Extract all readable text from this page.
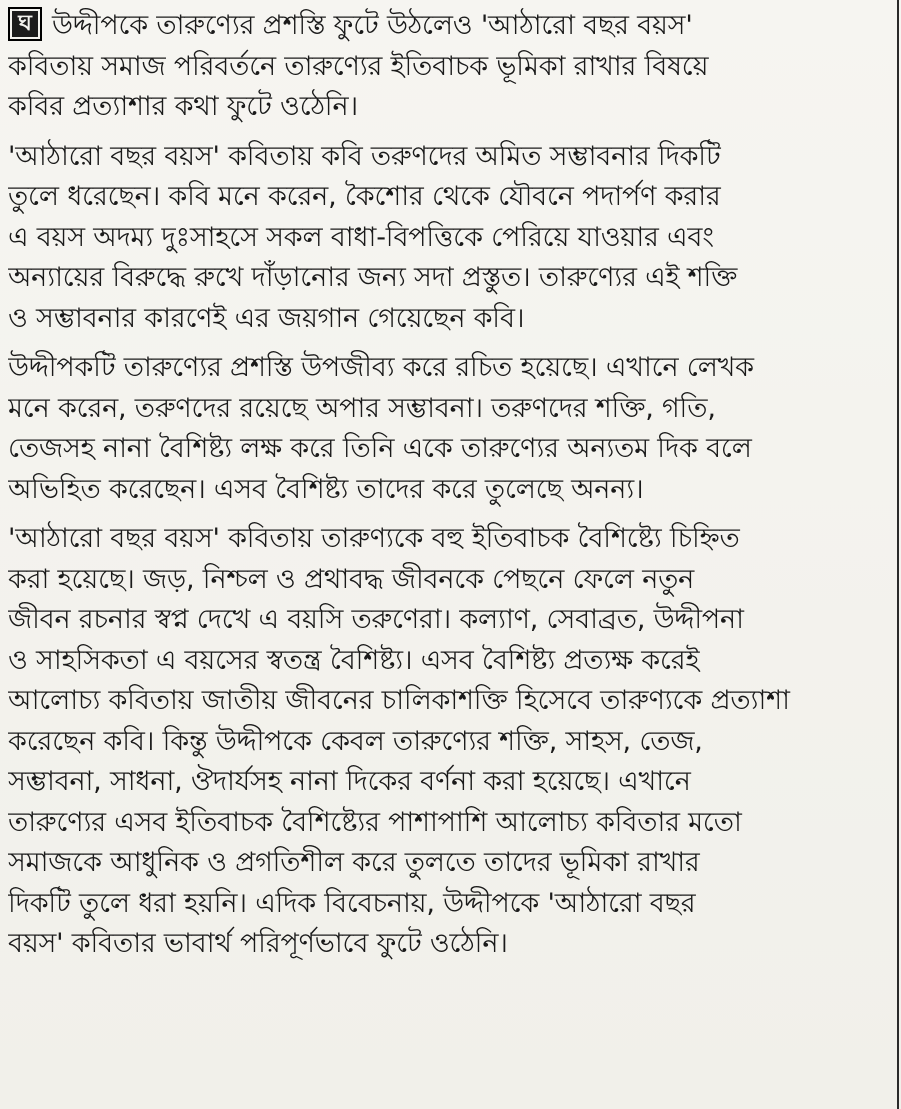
ঘ উদ্দীপকে তারুণ্যের প্রশস্তি ফুটে উঠলেও 'আঠারো বছর বয়স'
কবিতায় সমাজ পরিবর্তনে তারুণ্যের ইতিবাচক ভূমিকা রাখার বিষয়ে
কবির প্রত্যাশার কথা ফুটে ওঠেনি।
'আঠারো বছর বয়স' কবিতায় কবি তরুণদের অমিত সম্ভাবনার দিকটি
তুলে ধরেছেন। কবি মনে করেন, কৈশোর থেকে যৌবনে পদার্পণ করার
এ বয়স অদম্য দুঃসাহসে সকল বাধা-বিপত্তিকে পেরিয়ে যাওয়ার এবং
অন্যায়ের বিরুদ্ধে রুখে দাঁড়ানোর জন্য সদা প্রস্তুত। তারুণ্যের এই শক্তি
ও সম্ভাবনার কারণেই এর জয়গান গেয়েছেন কবি।
উদ্দীপকটি তারুণ্যের প্রশস্তি উপজীব্য করে রচিত হয়েছে। এখানে লেখক
মনে করেন, তরুণদের রয়েছে অপার সম্ভাবনা। তরুণদের শক্তি, গতি,
তেজসহ নানা বৈশিষ্ট্য লক্ষ করে তিনি একে তারুণ্যের অন্যতম দিক বলে
অভিহিত করেছেন। এসব বৈশিষ্ট্য তাদের করে তুলেছে অনন্য।
'আঠারো বছর বয়স' কবিতায় তারুণ্যকে বহু ইতিবাচক বৈশিষ্ট্যে চিহ্নিত
করা হয়েছে। জড়, নিশ্চল ও প্রথাবদ্ধ জীবনকে পেছনে ফেলে নতুন
জীবন রচনার স্বপ্ন দেখে এ বয়সি তরুণেরা। কল্যাণ, সেবাব্রত, উদ্দীপনা
ও সাহসিকতা এ বয়সের স্বতন্ত্র বৈশিষ্ট্য। এসব বৈশিষ্ট্য প্রত্যক্ষ করেই
আলোচ্য কবিতায় জাতীয় জীবনের চালিকাশক্তি হিসেবে তারুণ্যকে প্রত্যাশা
করেছেন কবি। কিন্তু উদ্দীপকে কেবল তারুণ্যের শক্তি, সাহস, তেজ,
সম্ভাবনা, সাধনা, ঔদার্যসহ নানা দিকের বর্ণনা করা হয়েছে। এখানে
তারুণ্যের এসব ইতিবাচক বৈশিষ্ট্যের পাশাপাশি আলোচ্য কবিতার মতো
সমাজকে আধুনিক ও প্রগতিশীল করে তুলতে তাদের ভূমিকা রাখার
দিকটি তুলে ধরা হয়নি। এদিক বিবেচনায়, উদ্দীপকে 'আঠারো বছর
বয়স' কবিতার ভাবার্থ পরিপূর্ণভাবে ফুটে ওঠেনি।
